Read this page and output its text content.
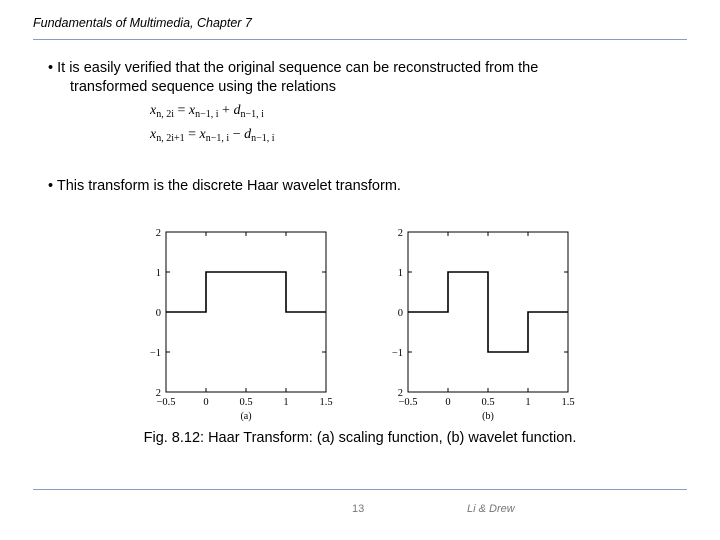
Fundamentals of Multimedia, Chapter 7
• It is easily verified that the original sequence can be reconstructed from the
transformed sequence using the relations
$x_{n, 2i} = x_{n-1, i} + d_{n-1, i}$
$x_{n, 2i+1} = x_{n-1, i} - d_{n-1, i}$
• This transform is the discrete Haar wavelet transform.
2
1
0
−1
2
−0.5	0	0.5	1	1.5
(a)
2
1
0
−1
2
−0.5	0	0.5	1	1.5
(b)
Fig. 8.12: Haar Transform: (a) scaling function, (b) wavelet function.
13	Li & Drew
